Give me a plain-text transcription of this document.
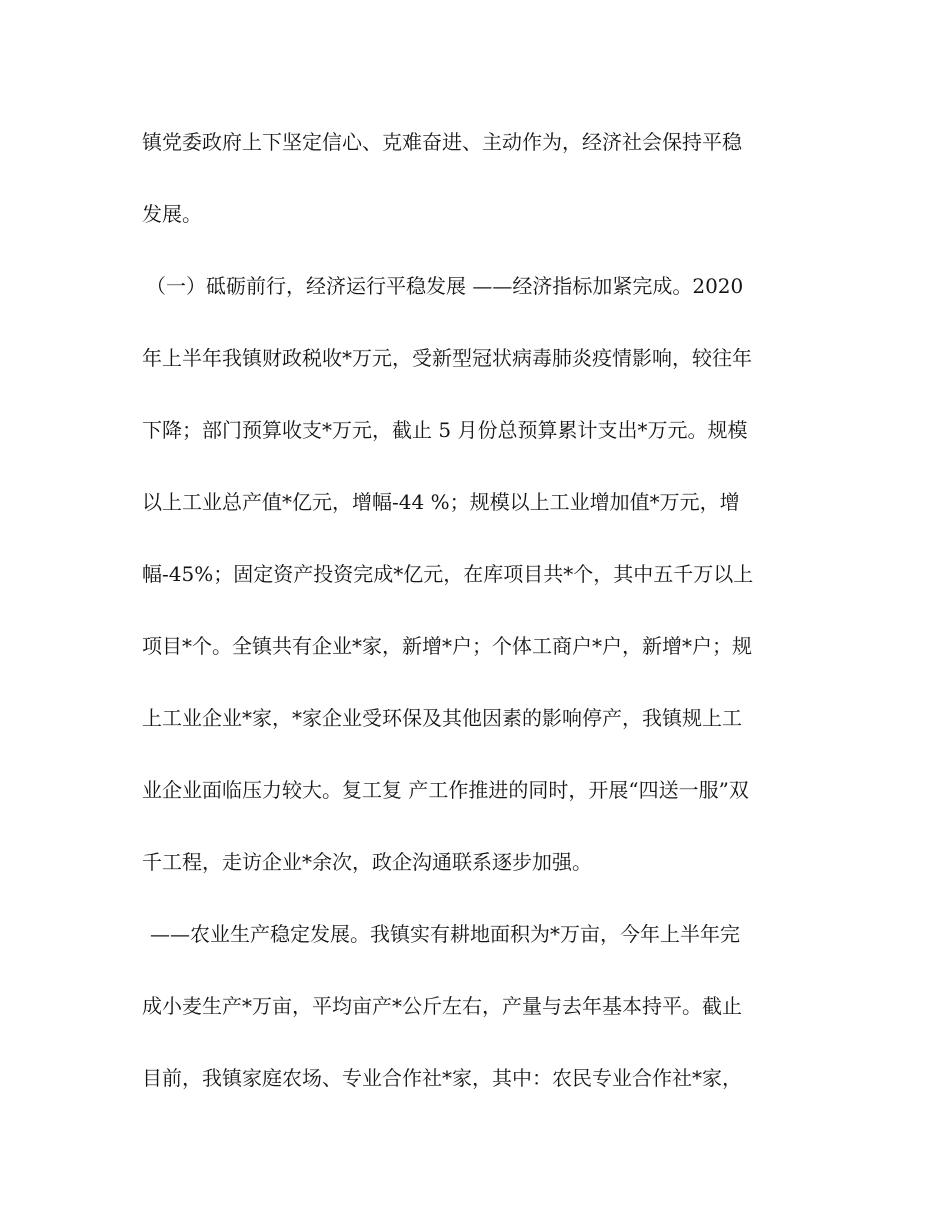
镇党委政府上下坚定信心、克难奋进、主动作为，经济社会保持平稳
发展。
（一）砥砺前行，经济运行平稳发展 ——经济指标加紧完成。2020
年上半年我镇财政税收*万元，受新型冠状病毒肺炎疫情影响，较往年
下降；部门预算收支*万元，截止 5 月份总预算累计支出*万元。规模
以上工业总产值*亿元，增幅-44 %；规模以上工业增加值*万元，增
幅-45%；固定资产投资完成*亿元，在库项目共*个，其中五千万以上
项目*个。全镇共有企业*家，新增*户；个体工商户*户，新增*户；规
上工业企业*家，*家企业受环保及其他因素的影响停产，我镇规上工
业企业面临压力较大。复工复 产工作推进的同时，开展“四送一服”双
千工程，走访企业*余次，政企沟通联系逐步加强。
——农业生产稳定发展。我镇实有耕地面积为*万亩，今年上半年完
成小麦生产*万亩，平均亩产*公斤左右，产量与去年基本持平。截止
目前，我镇家庭农场、专业合作社*家，其中：农民专业合作社*家，
